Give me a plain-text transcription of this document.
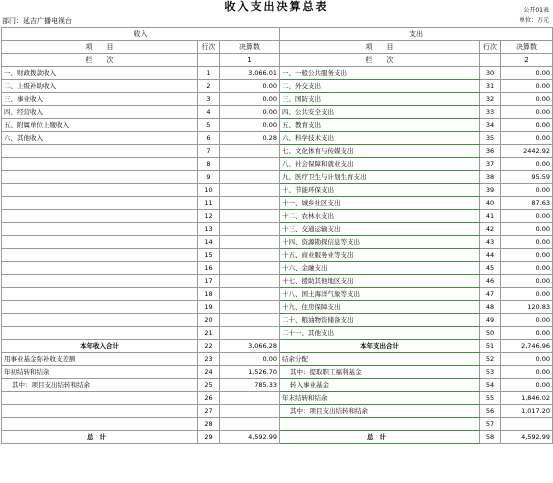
收入支出决算总表	公开01表
部门：延吉广播电视台	单位：万元
收入			支出		
项　　目	行次	决算数	项　　目	行次	决算数
栏　　次		1	栏　　次		2
一、财政拨款收入	1	3,066.01	一、一般公共服务支出	30	0.00
二、上级补助收入	2	0.00	二、外交支出	31	0.00
三、事业收入	3	0.00	三、国防支出	32	0.00
四、经营收入	4	0.00	四、公共安全支出	33	0.00
五、附属单位上缴收入	5	0.00	五、教育支出	34	0.00
六、其他收入	6	0.28	六、科学技术支出	35	0.00
	7		七、文化体育与传媒支出	36	2442.92
	8		八、社会保障和就业支出	37	0.00
	9		九、医疗卫生与计划生育支出	38	95.59
	10		十、节能环保支出	39	0.00
	11		十一、城乡社区支出	40	87.63
	12		十二、农林水支出	41	0.00
	13		十三、交通运输支出	42	0.00
	14		十四、资源勘探信息等支出	43	0.00
	15		十五、商业服务业等支出	44	0.00
	16		十六、金融支出	45	0.00
	17		十七、援助其他地区支出	46	0.00
	18		十八、国土海洋气象等支出	47	0.00
	19		十九、住房保障支出	48	120.83
	20		二十、粮油物资储备支出	49	0.00
	21		二十一、其他支出	50	0.00
本年收入合计	22	3,066.28	本年支出合计	51	2,746.96
用事业基金弥补收支差额	23	0.00	结余分配	52	0.00
年初结转和结余	24	1,526.70	其中：提取职工福利基金	53	0.00
其中：项目支出结转和结余	25	785.33	转入事业基金	54	0.00
	26		年末结转和结余	55	1,846.02
	27		其中：项目支出结转和结余	56	1,017.20
	28			57	
总计	29	4,592.99	总计	58	4,592.99
